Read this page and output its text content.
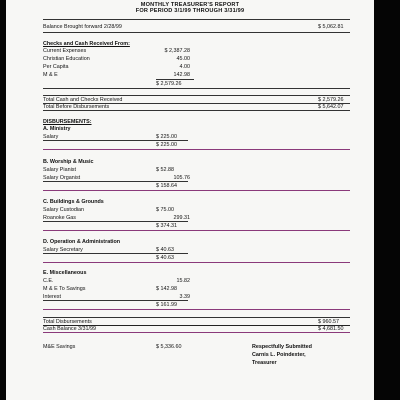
MONTHLY TREASURER'S REPORT
FOR PERIOD 3/1/99 THROUGH 3/31/99
Balance Brought forward 2/28/99	$ 5,062.81
Checks and Cash Received From:
Current Expenses	$ 2,387.28
Christian Education	45.00
Per Capita	4.00
M & E	142.98
$ 2,579.26
Total Cash and Checks Received	$ 2,579.26
Total Before Disbursements	$ 5,642.07
DISBURSEMENTS:
A. Ministry
Salary	$ 225.00
$ 225.00
B. Worship & Music
Salary Pianist	$ 52.88
Salary Organist	105.76
$ 158.64
C. Buildings & Grounds
Salary Custodian	$ 75.00
Roanoke Gas	299.31
$ 374.31
D. Operation & Administration
Salary Secretary	$ 40.63
$ 40.63
E. Miscellaneous
C.E.	15.82
M & E To Savings	$ 142.98
Interest	3.39
$ 161.99
Total Disbursements	$ 960.57
Cash Balance 3/31/99	$ 4,681.50
M&E Savings	$ 5,336.60	Respectfully Submitted
Carnis L. Poindexter,
Treasurer
